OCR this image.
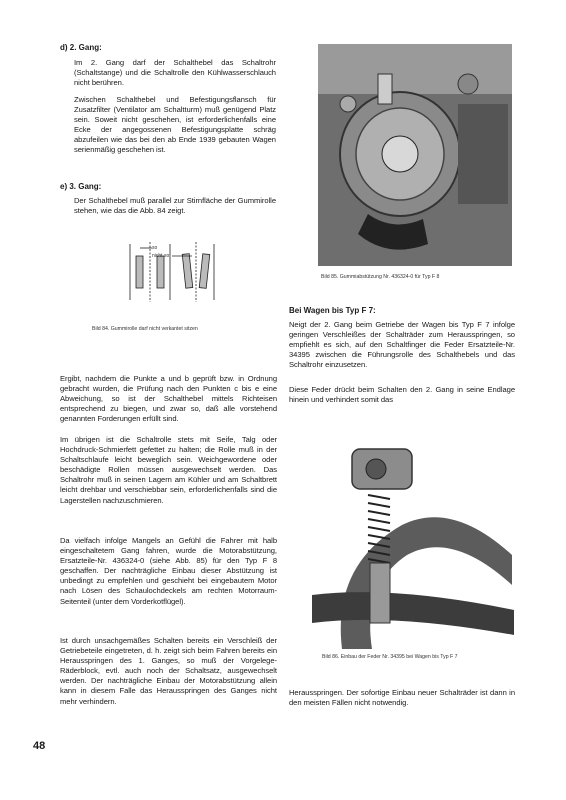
d) 2. Gang:

Im 2. Gang darf der Schalthebel das Schaltrohr (Schaltstange) und die Schaltrolle den Kühlwasserschlauch nicht berühren.

Zwischen Schalthebel und Befestigungsflansch für Zusatzfilter (Ventilator am Schaltturm) muß genügend Platz sein. Soweit nicht geschehen, ist erforderlichenfalls eine Ecke der angegossenen Befestigungsplatte schräg abzufeilen wie das bei den ab Ende 1939 gebauten Wagen serienmäßig geschehen ist.

e) 3. Gang:

Der Schalthebel muß parallel zur Stirnfläche der Gummirolle stehen, wie das die Abb. 84 zeigt.

so
nicht so
Bild 84. Gummirolle darf nicht verkantet sitzen
Bild 85. Gummiabstützung Nr. 436324-0 für Typ F 8
Bei Wagen bis Typ F 7:

Neigt der 2. Gang beim Getriebe der Wagen bis Typ F 7 infolge geringen Verschleißes der Schalträder zum Herausspringen, so empfiehlt es sich, auf den Schaltfinger die Feder Ersatzteile-Nr. 34395 zwischen die Führungsrolle des Schalthebels und das Schaltrohr einzusetzen.

Diese Feder drückt beim Schalten den 2. Gang in seine Endlage hinein und verhindert somit das

Bild 86. Einbau der Feder Nr. 34395 bei Wagen bis Typ F 7

Herausspringen. Der sofortige Einbau neuer Schalträder ist dann in den meisten Fällen nicht notwendig.

Ergibt, nachdem die Punkte a und b geprüft bzw. in Ordnung gebracht wurden, die Prüfung nach den Punkten c bis e eine Abweichung, so ist der Schalthebel mittels Richteisen entsprechend zu biegen, und zwar so, daß alle vorstehend genannten Forderungen erfüllt sind.

Im übrigen ist die Schaltrolle stets mit Seife, Talg oder Hochdruck-Schmierfett gefettet zu halten; die Rolle muß in der Schaltschlaufe leicht beweglich sein. Weichgewordene oder beschädigte Rollen müssen ausgewechselt werden. Das Schaltrohr muß in seinen Lagern am Kühler und am Schaltbrett leicht drehbar und verschiebbar sein, erforderlichenfalls sind die Lagerstellen nachzuschmieren.

Da vielfach infolge Mangels an Gefühl die Fahrer mit halb eingeschaltetem Gang fahren, wurde die Motorabstützung, Ersatzteile-Nr. 436324-0 (siehe Abb. 85) für den Typ F 8 geschaffen. Der nachträgliche Einbau dieser Abstützung ist unbedingt zu empfehlen und geschieht bei eingebautem Motor nach Lösen des Schaulochdeckels am rechten Motorraum-Seitenteil (unter dem Vorderkotflügel).

Ist durch unsachgemäßes Schalten bereits ein Verschleiß der Getriebeteile eingetreten, d. h. zeigt sich beim Fahren bereits ein Herausspringen des 1. Ganges, so muß der Vorgelege-Räderblock, evtl. auch noch der Schaltsatz, ausgewechselt werden. Der nachträgliche Einbau der Motorabstützung allein kann in diesem Falle das Herausspringen des Ganges nicht mehr verhindern.

48
